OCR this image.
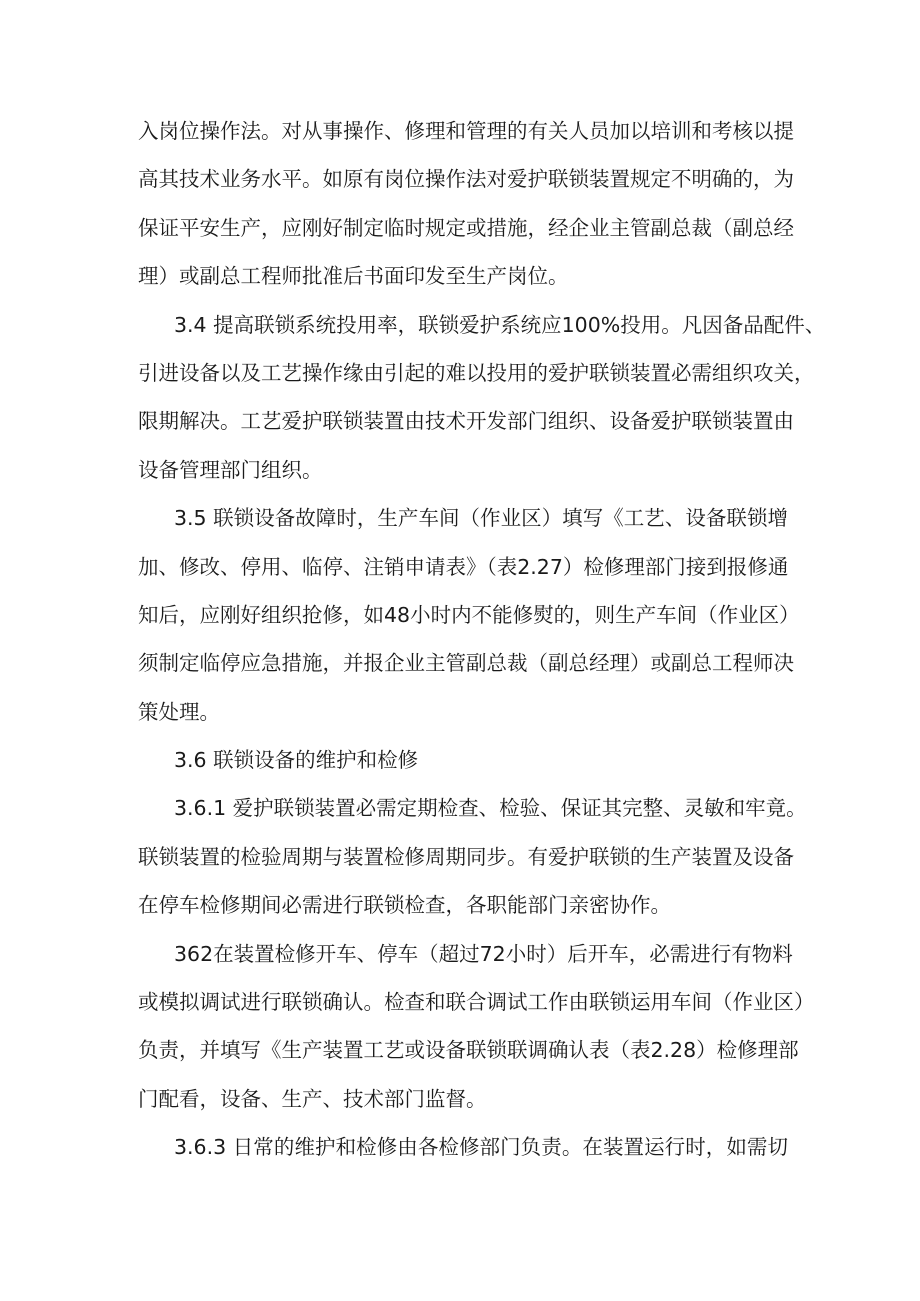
入岗位操作法。对从事操作、修理和管理的有关人员加以培训和考核以提
高其技术业务水平。如原有岗位操作法对爱护联锁装置规定不明确的，为
保证平安生产，应刚好制定临时规定或措施，经企业主管副总裁（副总经
理）或副总工程师批准后书面印发至生产岗位。
3.4 提高联锁系统投用率，联锁爱护系统应100%投用。凡因备品配件、
引进设备以及工艺操作缘由引起的难以投用的爱护联锁装置必需组织攻关，
限期解决。工艺爱护联锁装置由技术开发部门组织、设备爱护联锁装置由
设备管理部门组织。
3.5 联锁设备故障时，生产车间（作业区）填写《工艺、设备联锁增
加、修改、停用、临停、注销申请表》（表2.27）检修理部门接到报修通
知后，应刚好组织抢修，如48小时内不能修熨的，则生产车间（作业区）
须制定临停应急措施，并报企业主管副总裁（副总经理）或副总工程师决
策处理。
3.6 联锁设备的维护和检修
3.6.1 爱护联锁装置必需定期检查、检验、保证其完整、灵敏和牢竟。
联锁装置的检验周期与装置检修周期同步。有爱护联锁的生产装置及设备
在停车检修期间必需进行联锁检查，各职能部门亲密协作。
362在装置检修开车、停车（超过72小时）后开车，必需进行有物料
或模拟调试进行联锁确认。检查和联合调试工作由联锁运用车间（作业区）
负责，并填写《生产装置工艺或设备联锁联调确认表（表2.28）检修理部
门配看，设备、生产、技术部门监督。
3.6.3 日常的维护和检修由各检修部门负责。在装置运行时，如需切
